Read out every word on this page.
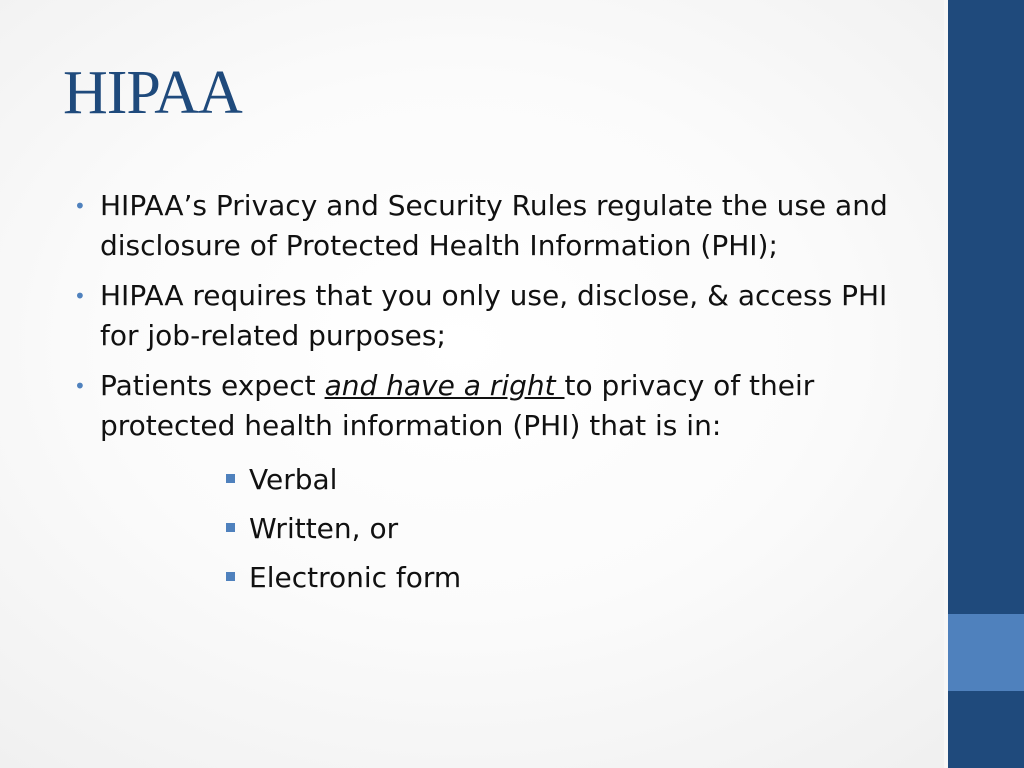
HIPAA
• HIPAA’s Privacy and Security Rules regulate the use and disclosure of Protected Health Information (PHI);
• HIPAA requires that you only use, disclose, & access PHI for job-related purposes;
• Patients expect and have a right to privacy of their protected health information (PHI) that is in:
Verbal
Written, or
Electronic form
